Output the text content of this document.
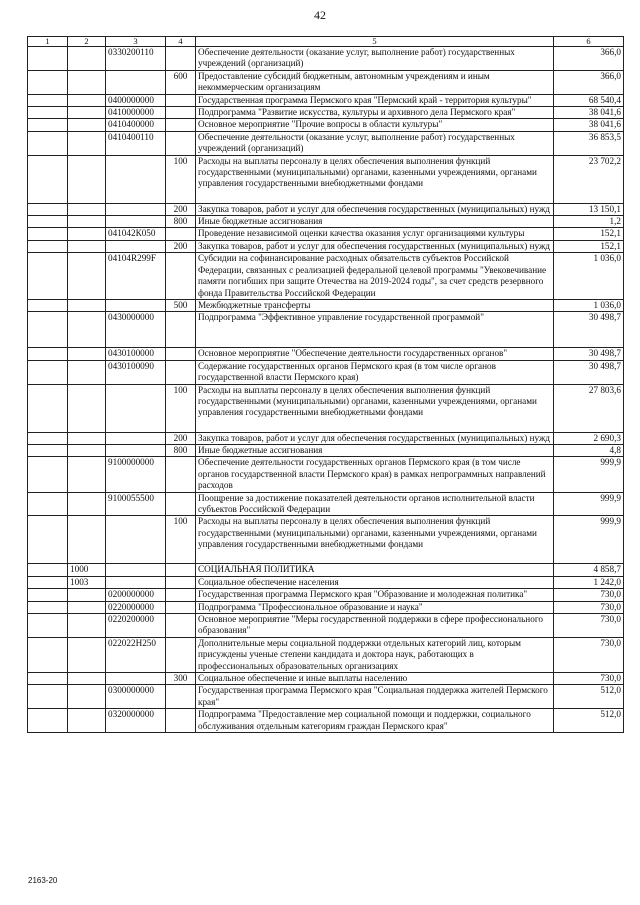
42
1	2	3	4	5	6
		0330200110		Обеспечение деятельности (оказание услуг, выполнение работ) государственных учреждений (организаций)	366,0
			600	Предоставление субсидий бюджетным, автономным учреждениям и иным некоммерческим организациям	366,0
		0400000000		Государственная программа Пермского края "Пермский край - территория культуры"	68 540,4
		0410000000		Подпрограмма "Развитие искусства, культуры и архивного дела Пермского края"	38 041,6
		0410400000		Основное мероприятие "Прочие вопросы в области культуры"	38 041,6
		0410400110		Обеспечение деятельности (оказание услуг, выполнение работ) государственных учреждений (организаций)	36 853,5
			100	Расходы на выплаты персоналу в целях обеспечения выполнения функций государственными (муниципальными) органами, казенными учреждениями, органами управления государственными внебюджетными фондами	23 702,2
			200	Закупка товаров, работ и услуг для обеспечения государственных (муниципальных) нужд	13 150,1
			800	Иные бюджетные ассигнования	1,2
		041042К050		Проведение независимой оценки качества оказания услуг организациями культуры	152,1
			200	Закупка товаров, работ и услуг для обеспечения государственных (муниципальных) нужд	152,1
		04104R299F		Субсидии на софинансирование расходных обязательств субъектов Российской Федерации, связанных с реализацией федеральной целевой программы "Увековечивание памяти погибших при защите Отечества на 2019-2024 годы", за счет средств резервного фонда Правительства Российской Федерации	1 036,0
			500	Межбюджетные трансферты	1 036,0
		0430000000		Подпрограмма "Эффективное управление государственной программой"	30 498,7
		0430100000		Основное мероприятие "Обеспечение деятельности государственных органов"	30 498,7
		0430100090		Содержание государственных органов Пермского края (в том числе органов государственной власти Пермского края)	30 498,7
			100	Расходы на выплаты персоналу в целях обеспечения выполнения функций государственными (муниципальными) органами, казенными учреждениями, органами управления государственными внебюджетными фондами	27 803,6
			200	Закупка товаров, работ и услуг для обеспечения государственных (муниципальных) нужд	2 690,3
			800	Иные бюджетные ассигнования	4,8
		9100000000		Обеспечение деятельности государственных органов Пермского края (в том числе органов государственной власти Пермского края) в рамках непрограммных направлений расходов	999,9
		9100055500		Поощрение за достижение показателей деятельности органов исполнительной власти субъектов Российской Федерации	999,9
			100	Расходы на выплаты персоналу в целях обеспечения выполнения функций государственными (муниципальными) органами, казенными учреждениями, органами управления государственными внебюджетными фондами	999,9
	1000			СОЦИАЛЬНАЯ ПОЛИТИКА	4 858,7
	1003			Социальное обеспечение населения	1 242,0
		0200000000		Государственная программа Пермского края "Образование и молодежная политика"	730,0
		0220000000		Подпрограмма "Профессиональное образование и наука"	730,0
		0220200000		Основное мероприятие "Меры государственной поддержки в сфере профессионального образования"	730,0
		022022Н250		Дополнительные меры социальной поддержки отдельных категорий лиц, которым присуждены ученые степени кандидата и доктора наук, работающих в профессиональных образовательных организациях	730,0
			300	Социальное обеспечение и иные выплаты населению	730,0
		0300000000		Государственная программа Пермского края "Социальная поддержка жителей Пермского края"	512,0
		0320000000		Подпрограмма "Предоставление мер социальной помощи и поддержки, социального обслуживания отдельным категориям граждан Пермского края"	512,0
2163-20
